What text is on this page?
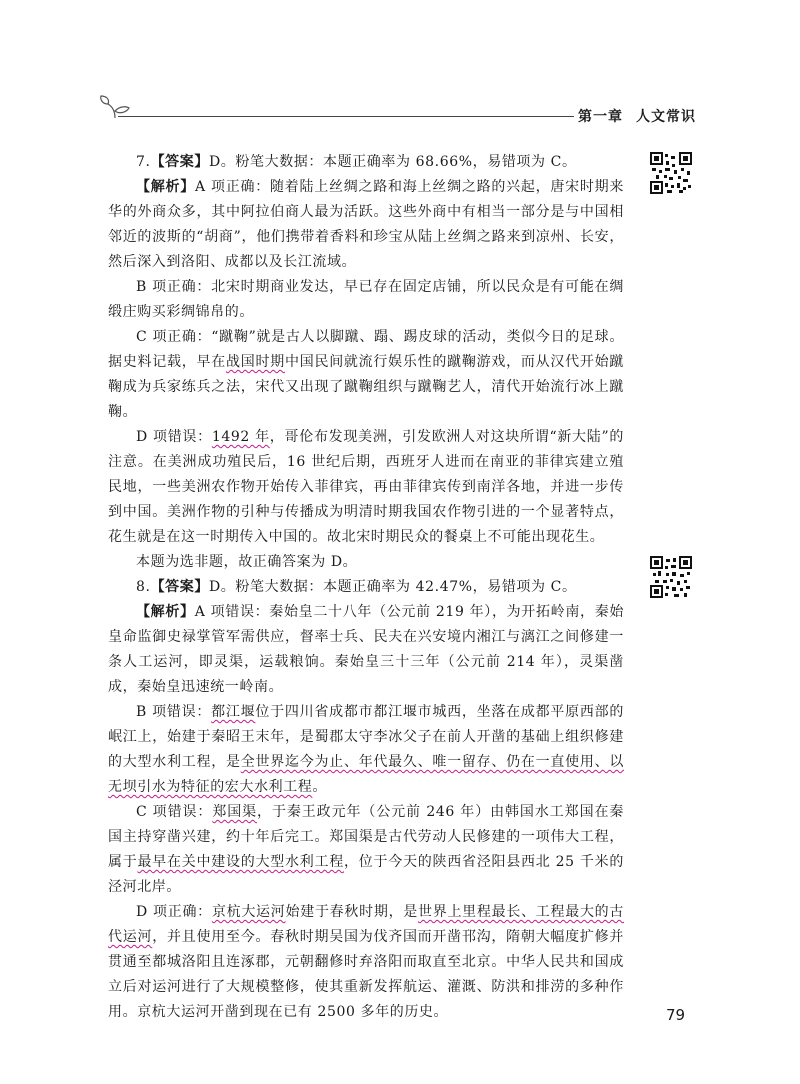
第一章 人文常识

7.【答案】D。粉笔大数据：本题正确率为 68.66%，易错项为 C。

【解析】A 项正确：随着陆上丝绸之路和海上丝绸之路的兴起，唐宋时期来华的外商众多，其中阿拉伯商人最为活跃。这些外商中有相当一部分是与中国相邻近的波斯的“胡商”，他们携带着香料和珍宝从陆上丝绸之路来到凉州、长安，然后深入到洛阳、成都以及长江流域。

B 项正确：北宋时期商业发达，早已存在固定店铺，所以民众是有可能在绸缎庄购买彩绸锦帛的。

C 项正确：“蹴鞠”就是古人以脚蹴、蹋、踢皮球的活动，类似今日的足球。据史料记载，早在战国时期中国民间就流行娱乐性的蹴鞠游戏，而从汉代开始蹴鞠成为兵家练兵之法，宋代又出现了蹴鞠组织与蹴鞠艺人，清代开始流行冰上蹴鞠。

D 项错误：1492 年，哥伦布发现美洲，引发欧洲人对这块所谓“新大陆”的注意。在美洲成功殖民后，16 世纪后期，西班牙人进而在南亚的菲律宾建立殖民地，一些美洲农作物开始传入菲律宾，再由菲律宾传到南洋各地，并进一步传到中国。美洲作物的引种与传播成为明清时期我国农作物引进的一个显著特点，花生就是在这一时期传入中国的。故北宋时期民众的餐桌上不可能出现花生。

本题为选非题，故正确答案为 D。

8.【答案】D。粉笔大数据：本题正确率为 42.47%，易错项为 C。

【解析】A 项错误：秦始皇二十八年（公元前 219 年），为开拓岭南，秦始皇命监御史禄掌管军需供应，督率士兵、民夫在兴安境内湘江与漓江之间修建一条人工运河，即灵渠，运载粮饷。秦始皇三十三年（公元前 214 年），灵渠凿成，秦始皇迅速统一岭南。

B 项错误：都江堰位于四川省成都市都江堰市城西，坐落在成都平原西部的岷江上，始建于秦昭王末年，是蜀郡太守李冰父子在前人开凿的基础上组织修建的大型水利工程，是全世界迄今为止、年代最久、唯一留存、仍在一直使用、以无坝引水为特征的宏大水利工程。

C 项错误：郑国渠，于秦王政元年（公元前 246 年）由韩国水工郑国在秦国主持穿凿兴建，约十年后完工。郑国渠是古代劳动人民修建的一项伟大工程，属于最早在关中建设的大型水利工程，位于今天的陕西省泾阳县西北 25 千米的泾河北岸。

D 项正确：京杭大运河始建于春秋时期，是世界上里程最长、工程最大的古代运河，并且使用至今。春秋时期吴国为伐齐国而开凿邗沟，隋朝大幅度扩修并贯通至都城洛阳且连涿郡，元朝翻修时弃洛阳而取直至北京。中华人民共和国成立后对运河进行了大规模整修，使其重新发挥航运、灌溉、防洪和排涝的多种作用。京杭大运河开凿到现在已有 2500 多年的历史。	79
